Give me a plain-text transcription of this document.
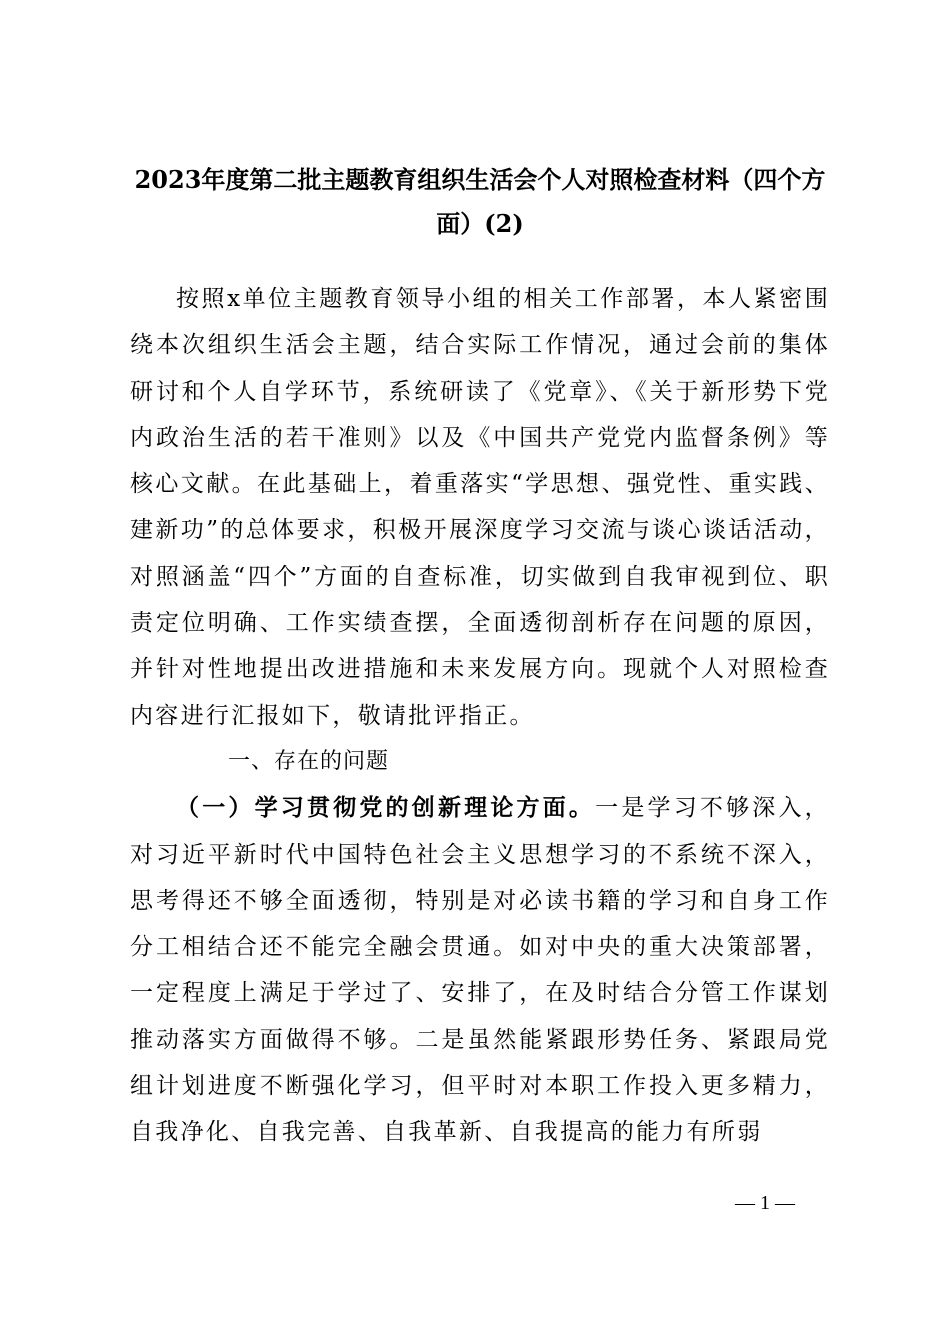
2023年度第二批主题教育组织生活会个人对照检查材料（四个方
面）(2)

按照x单位主题教育领导小组的相关工作部署，本人紧密围绕本次组织生活会主题，结合实际工作情况，通过会前的集体研讨和个人自学环节，系统研读了《党章》、《关于新形势下党内政治生活的若干准则》以及《中国共产党党内监督条例》等核心文献。在此基础上，着重落实“学思想、强党性、重实践、建新功”的总体要求，积极开展深度学习交流与谈心谈话活动，对照涵盖“四个”方面的自查标准，切实做到自我审视到位、职责定位明确、工作实绩查摆，全面透彻剖析存在问题的原因，并针对性地提出改进措施和未来发展方向。现就个人对照检查内容进行汇报如下，敬请批评指正。

一、存在的问题

（一）学习贯彻党的创新理论方面。一是学习不够深入，对习近平新时代中国特色社会主义思想学习的不系统不深入，思考得还不够全面透彻，特别是对必读书籍的学习和自身工作分工相结合还不能完全融会贯通。如对中央的重大决策部署，一定程度上满足于学过了、安排了，在及时结合分管工作谋划推动落实方面做得不够。二是虽然能紧跟形势任务、紧跟局党组计划进度不断强化学习，但平时对本职工作投入更多精力，自我净化、自我完善、自我革新、自我提高的能力有所弱

— 1 —
